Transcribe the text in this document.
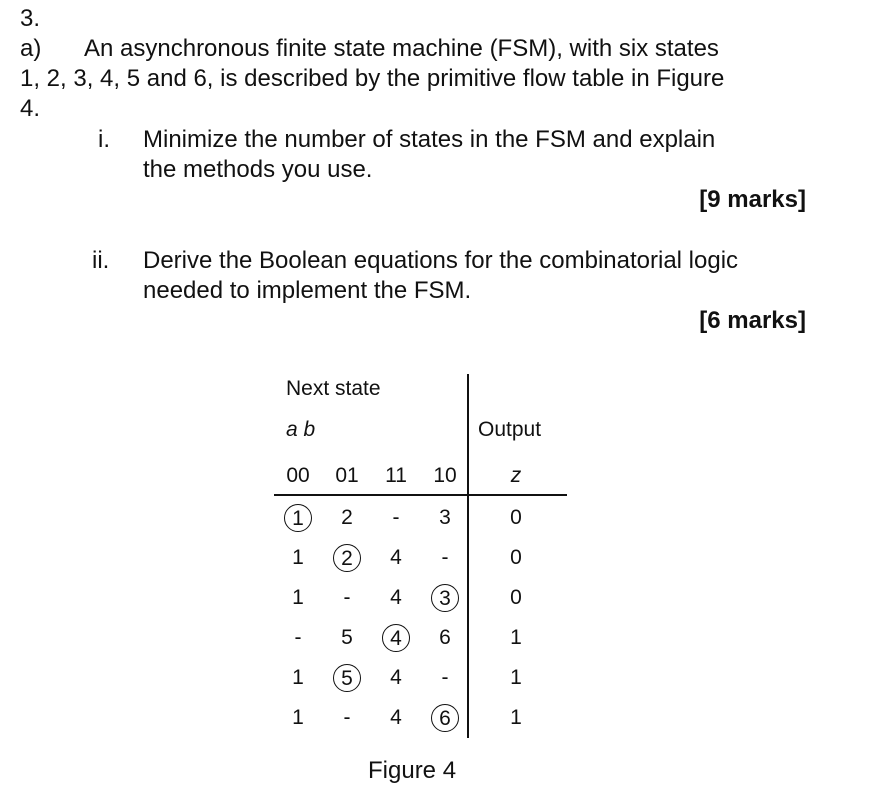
3.
a) An asynchronous finite state machine (FSM), with six states
1, 2, 3, 4, 5 and 6, is described by the primitive flow table in Figure
4.
i. Minimize the number of states in the FSM and explain
the methods you use.
[9 marks]
ii. Derive the Boolean equations for the combinatorial logic
needed to implement the FSM.
[6 marks]
Next state
a b	Output
00	01	11	10	z
1	2	-	3	0
1	2	4	-	0
1	-	4	3	0
-	5	4	6	1
1	5	4	-	1
1	-	4	6	1
Figure 4
